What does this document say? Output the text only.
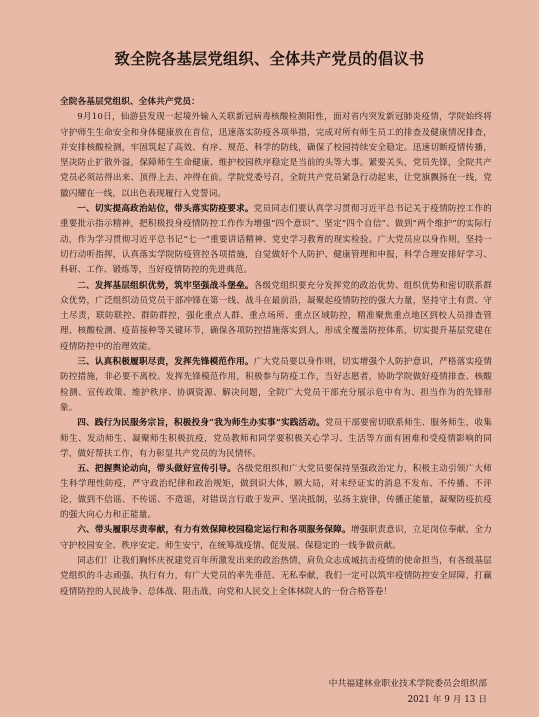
致全院各基层党组织、全体共产党员的倡议书

全院各基层党组织、全体共产党员：

9月10日，仙游县发现一起境外输入关联新冠病毒核酸检测阳性，面对省内突发新冠肺炎疫情，学院始终将守护师生生命安全和身体健康放在首位，迅速落实防疫各项举措，完成对所有师生员工的排查及健康情况排查，并安排核酸检测，牢固筑起了高效、有序、规范、科学的防线，确保了校园持续安全稳定。迅速切断疫情传播，坚决防止扩散外溢，保障师生生命健康、维护校园秩序稳定是当前的头等大事。紧要关头，党员先锋，全院共产党员必须站得出来、顶得上去、冲得在前。学院党委号召，全院共产党员紧急行动起来，让党旗飘扬在一线，党徽闪耀在一线，以出色表现履行入党誓词。

一、切实提高政治站位，带头落实防疫要求。党员同志们要认真学习贯彻习近平总书记关于疫情防控工作的重要批示指示精神，把积极投身疫情防控工作作为增强“四个意识”、坚定“四个自信”、做到“两个维护”的实际行动，作为学习贯彻习近平总书记“七一”重要讲话精神、党史学习教育的现实检验。广大党员应以身作则，坚持一切行动听指挥，认真落实学院防疫管控各项措施，自觉做好个人防护、健康管理和申报，科学合理安排好学习、科研、工作、锻炼等，当好疫情防控的先进典范。

二、发挥基层组织优势，筑牢坚强战斗堡垒。各级党组织要充分发挥党的政治优势、组织优势和密切联系群众优势，广泛组织动员党员干部冲锋在第一线、战斗在最前沿，凝聚起疫情防控的强大力量，坚持守土有责、守土尽责，联防联控、群防群控，强化重点人群、重点场所、重点区域防控，精准聚焦重点地区到校人员排查管理、核酸检测、疫苗接种等关键环节，确保各项防控措施落实到人，形成全覆盖防控体系，切实提升基层党建在疫情防控中的治理效能。

三、认真积极履职尽责，发挥先锋模范作用。广大党员要以身作则，切实增强个人防护意识，严格落实疫情防控措施，非必要不离校。发挥先锋模范作用，积极参与防疫工作，当好志愿者，协助学院做好疫情排查、核酸检测、宣传政策、维护秩序、协调资源、解决问题，全院广大党员干部充分展示危中有为、担当作为的先锋形象。

四、践行为民服务宗旨，积极投身“我为师生办实事”实践活动。党员干部要密切联系师生、服务师生，收集师生、发动师生、凝聚师生积极抗疫，党员教师和同学要积极关心学习、生活等方面有困难和受疫情影响的同学，做好帮扶工作，有力彰显共产党员的为民情怀。

五、把握舆论动向，带头做好宣传引导。各级党组织和广大党员要保持坚强政治定力，积极主动引领广大师生科学理性防疫，严守政治纪律和政治规矩，做到识大体，顾大局，对未经证实的消息不发布、不传播、不评论，做到不信谣、不传谣、不造谣，对错误言行敢于发声、坚决抵制，弘扬主旋律，传播正能量，凝聚防疫抗疫的强大向心力和正能量。

六、带头履职尽责奉献，有力有效保障校园稳定运行和各项服务保障。增强职责意识，立足岗位奉献，全力守护校园安全、秩序安定、师生安宁，在统筹战疫情、促发展、保稳定的一线争做贡献。

同志们！让我们胸怀庆祝建党百年所激发出来的政治热情，肩负众志成城抗击疫情的使命担当，有各级基层党组织的斗志顽强、执行有力，有广大党员的率先垂范、无私奉献，我们一定可以筑牢疫情防控安全屏障，打赢疫情防控的人民战争、总体战、阻击战，向党和人民交上全体林院人的一份合格答卷！

中共福建林业职业技术学院委员会组织部
2021 年 9 月 13 日
